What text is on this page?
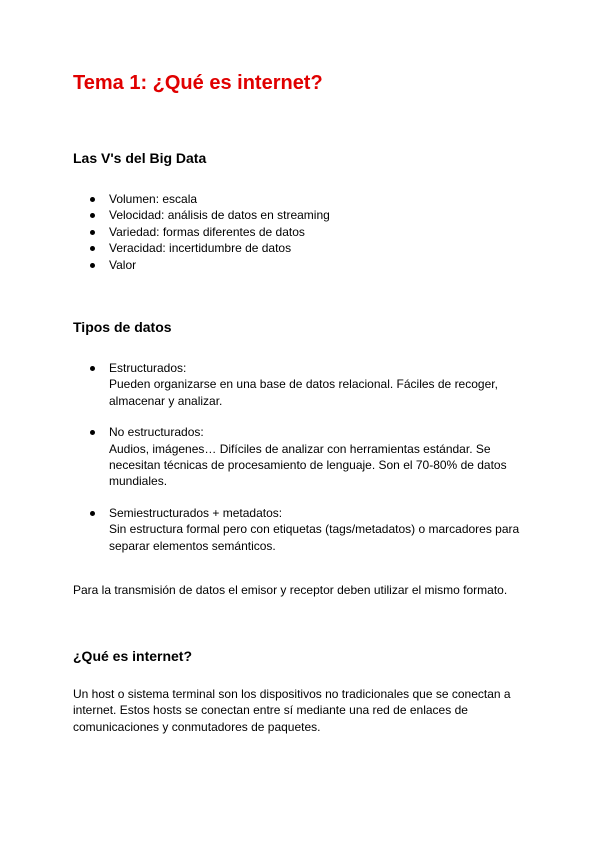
Tema 1: ¿Qué es internet?
Las V's del Big Data
Volumen: escala
Velocidad: análisis de datos en streaming
Variedad: formas diferentes de datos
Veracidad: incertidumbre de datos
Valor
Tipos de datos
Estructurados:
Pueden organizarse en una base de datos relacional. Fáciles de recoger, almacenar y analizar.
No estructurados:
Audios, imágenes… Difíciles de analizar con herramientas estándar. Se necesitan técnicas de procesamiento de lenguaje. Son el 70-80% de datos mundiales.
Semiestructurados + metadatos:
Sin estructura formal pero con etiquetas (tags/metadatos) o marcadores para separar elementos semánticos.

Para la transmisión de datos el emisor y receptor deben utilizar el mismo formato.

¿Qué es internet?

Un host o sistema terminal son los dispositivos no tradicionales que se conectan a internet. Estos hosts se conectan entre sí mediante una red de enlaces de comunicaciones y conmutadores de paquetes.
